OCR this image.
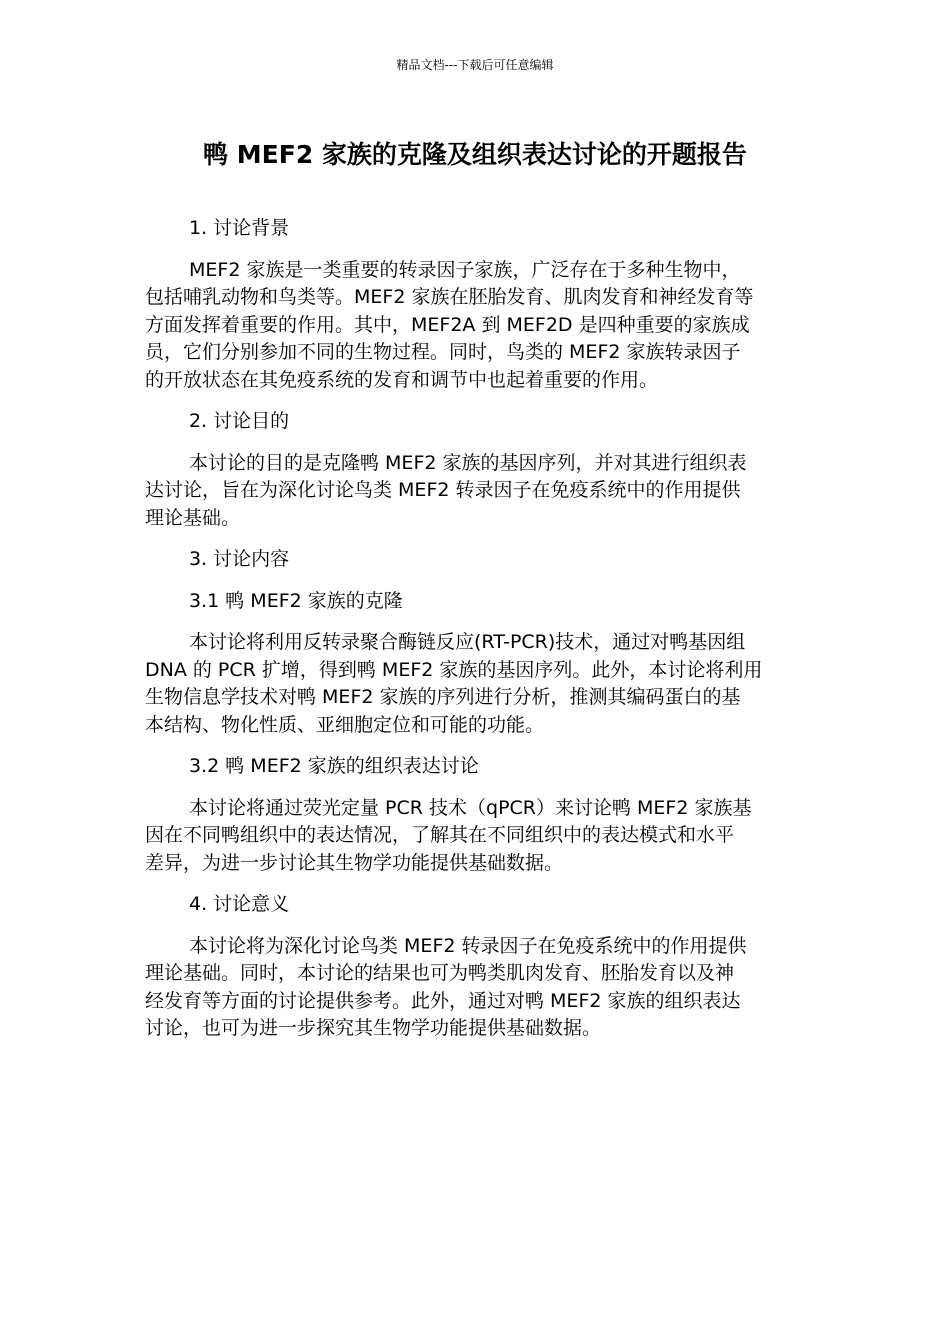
精品文档---下载后可任意编辑
鸭 MEF2 家族的克隆及组织表达讨论的开题报告
1. 讨论背景
MEF2 家族是一类重要的转录因子家族，广泛存在于多种生物中，
包括哺乳动物和鸟类等。MEF2 家族在胚胎发育、肌肉发育和神经发育等
方面发挥着重要的作用。其中，MEF2A 到 MEF2D 是四种重要的家族成
员，它们分别参加不同的生物过程。同时，鸟类的 MEF2 家族转录因子
的开放状态在其免疫系统的发育和调节中也起着重要的作用。
2. 讨论目的
本讨论的目的是克隆鸭 MEF2 家族的基因序列，并对其进行组织表
达讨论，旨在为深化讨论鸟类 MEF2 转录因子在免疫系统中的作用提供
理论基础。
3. 讨论内容
3.1 鸭 MEF2 家族的克隆
本讨论将利用反转录聚合酶链反应(RT-PCR)技术，通过对鸭基因组
DNA 的 PCR 扩增，得到鸭 MEF2 家族的基因序列。此外，本讨论将利用
生物信息学技术对鸭 MEF2 家族的序列进行分析，推测其编码蛋白的基
本结构、物化性质、亚细胞定位和可能的功能。
3.2 鸭 MEF2 家族的组织表达讨论
本讨论将通过荧光定量 PCR 技术（qPCR）来讨论鸭 MEF2 家族基
因在不同鸭组织中的表达情况，了解其在不同组织中的表达模式和水平
差异，为进一步讨论其生物学功能提供基础数据。
4. 讨论意义
本讨论将为深化讨论鸟类 MEF2 转录因子在免疫系统中的作用提供
理论基础。同时，本讨论的结果也可为鸭类肌肉发育、胚胎发育以及神
经发育等方面的讨论提供参考。此外，通过对鸭 MEF2 家族的组织表达
讨论，也可为进一步探究其生物学功能提供基础数据。
